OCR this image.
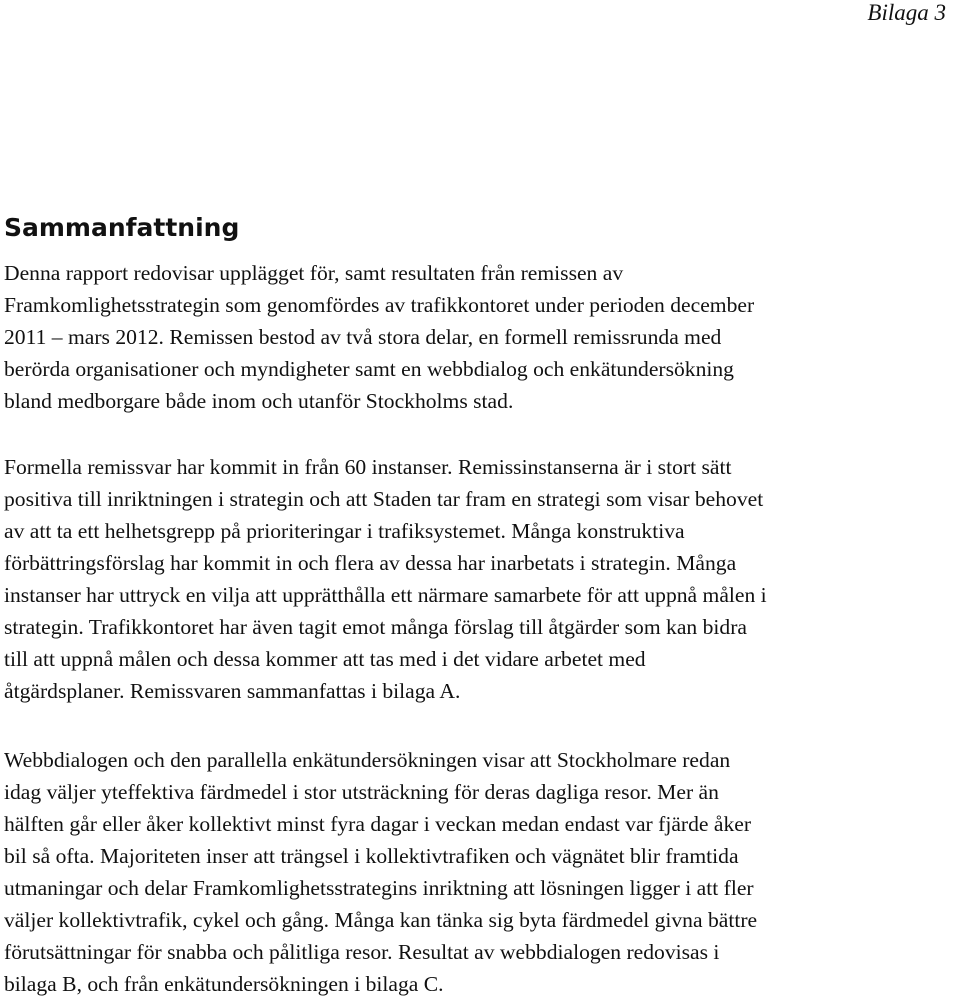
Bilaga 3
Sammanfattning

Denna rapport redovisar upplägget för, samt resultaten från remissen av
Framkomlighetsstrategin som genomfördes av trafikkontoret under perioden december
2011 – mars 2012. Remissen bestod av två stora delar, en formell remissrunda med
berörda organisationer och myndigheter samt en webbdialog och enkätundersökning
bland medborgare både inom och utanför Stockholms stad.

Formella remissvar har kommit in från 60 instanser. Remissinstanserna är i stort sätt
positiva till inriktningen i strategin och att Staden tar fram en strategi som visar behovet
av att ta ett helhetsgrepp på prioriteringar i trafiksystemet. Många konstruktiva
förbättringsförslag har kommit in och flera av dessa har inarbetats i strategin. Många
instanser har uttryck en vilja att upprätthålla ett närmare samarbete för att uppnå målen i
strategin. Trafikkontoret har även tagit emot många förslag till åtgärder som kan bidra
till att uppnå målen och dessa kommer att tas med i det vidare arbetet med
åtgärdsplaner. Remissvaren sammanfattas i bilaga A.

Webbdialogen och den parallella enkätundersökningen visar att Stockholmare redan
idag väljer yteffektiva färdmedel i stor utsträckning för deras dagliga resor. Mer än
hälften går eller åker kollektivt minst fyra dagar i veckan medan endast var fjärde åker
bil så ofta. Majoriteten inser att trängsel i kollektivtrafiken och vägnätet blir framtida
utmaningar och delar Framkomlighetsstrategins inriktning att lösningen ligger i att fler
väljer kollektivtrafik, cykel och gång. Många kan tänka sig byta färdmedel givna bättre
förutsättningar för snabba och pålitliga resor. Resultat av webbdialogen redovisas i
bilaga B, och från enkätundersökningen i bilaga C.
